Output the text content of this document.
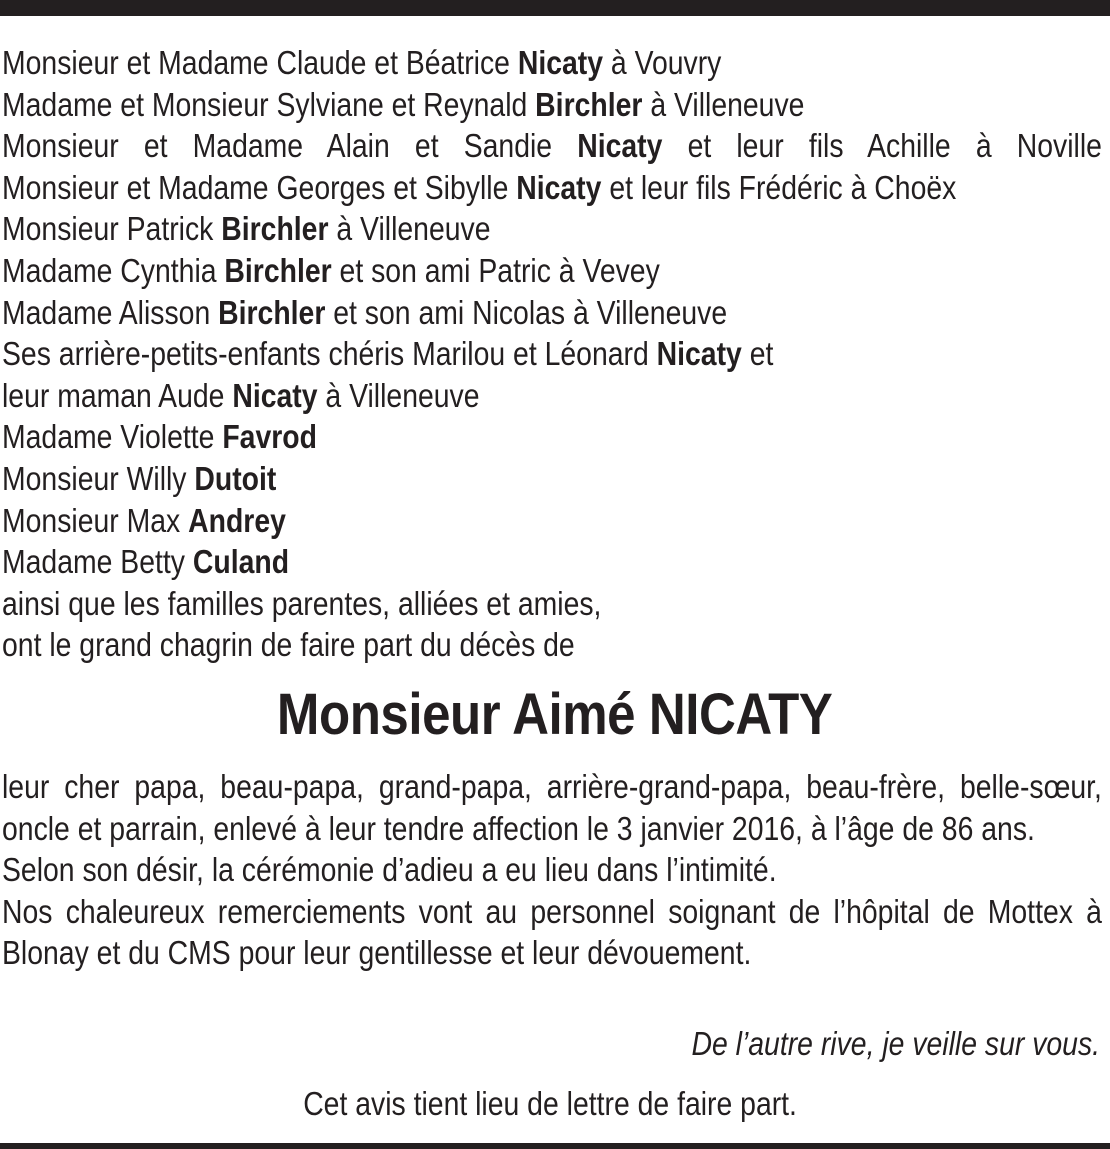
Monsieur et Madame Claude et Béatrice Nicaty à Vouvry
Madame et Monsieur Sylviane et Reynald Birchler à Villeneuve
Monsieur et Madame Alain et Sandie Nicaty et leur fils Achille à Noville
Monsieur et Madame Georges et Sibylle Nicaty et leur fils Frédéric à Choëx
Monsieur Patrick Birchler à Villeneuve
Madame Cynthia Birchler et son ami Patric à Vevey
Madame Alisson Birchler et son ami Nicolas à Villeneuve
Ses arrière-petits-enfants chéris Marilou et Léonard Nicaty et
leur maman Aude Nicaty à Villeneuve
Madame Violette Favrod
Monsieur Willy Dutoit
Monsieur Max Andrey
Madame Betty Culand
ainsi que les familles parentes, alliées et amies,
ont le grand chagrin de faire part du décès de
Monsieur Aimé NICATY
leur cher papa, beau-papa, grand-papa, arrière-grand-papa, beau-frère, belle-sœur, oncle et parrain, enlevé à leur tendre affection le 3 janvier 2016, à l’âge de 86 ans.
Selon son désir, la cérémonie d’adieu a eu lieu dans l’intimité.
Nos chaleureux remerciements vont au personnel soignant de l’hôpital de Mottex à Blonay et du CMS pour leur gentillesse et leur dévouement.
De l’autre rive, je veille sur vous.
Cet avis tient lieu de lettre de faire part.
